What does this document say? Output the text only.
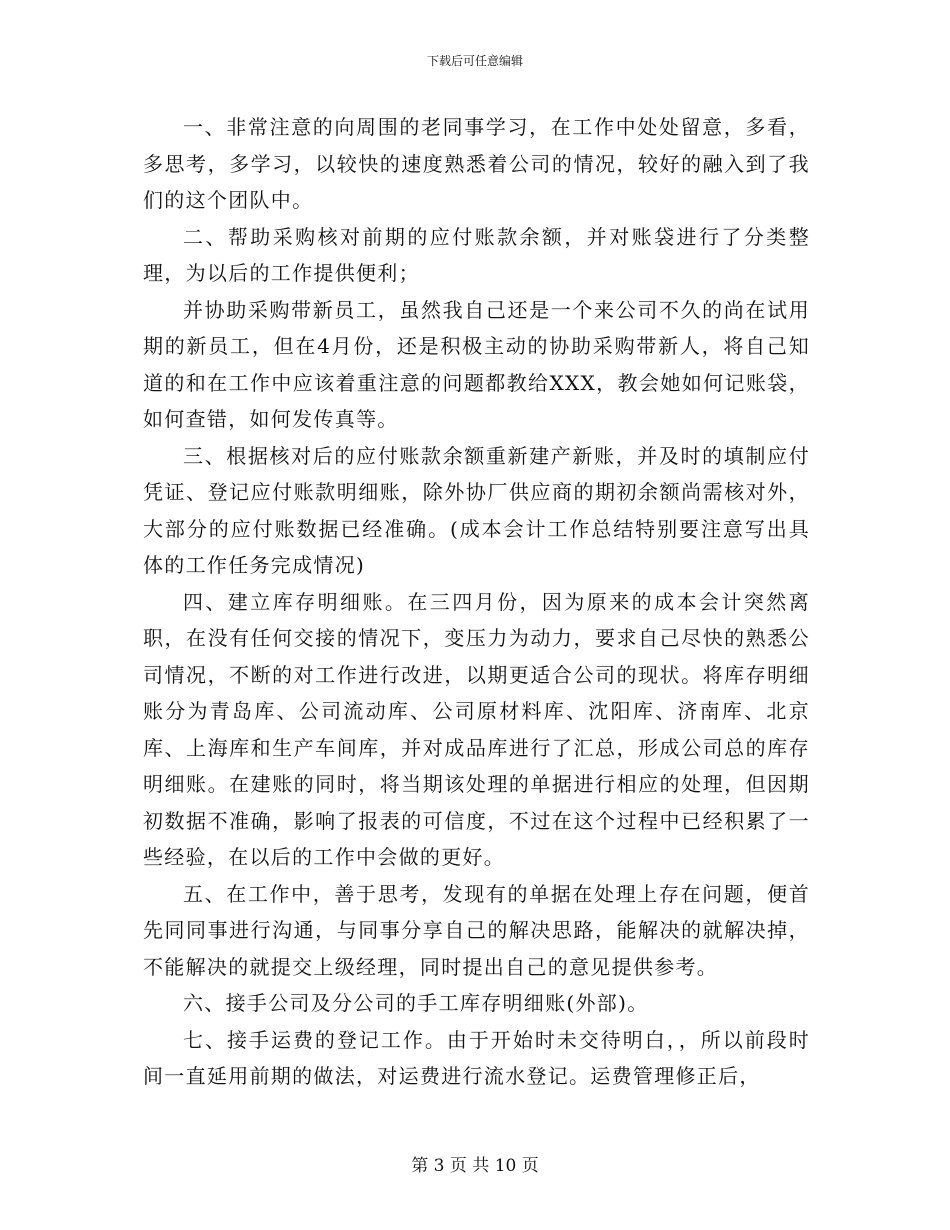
下载后可任意编辑

一、非常注意的向周围的老同事学习，在工作中处处留意，多看，多思考，多学习，以较快的速度熟悉着公司的情况，较好的融入到了我们的这个团队中。

二、帮助采购核对前期的应付账款余额，并对账袋进行了分类整理，为以后的工作提供便利；

并协助采购带新员工，虽然我自己还是一个来公司不久的尚在试用期的新员工，但在4月份，还是积极主动的协助采购带新人，将自己知道的和在工作中应该着重注意的问题都教给XXX，教会她如何记账袋，如何查错，如何发传真等。

三、根据核对后的应付账款余额重新建产新账，并及时的填制应付凭证、登记应付账款明细账，除外协厂供应商的期初余额尚需核对外，大部分的应付账数据已经准确。(成本会计工作总结特别要注意写出具体的工作任务完成情况)

四、建立库存明细账。在三四月份，因为原来的成本会计突然离职，在没有任何交接的情况下，变压力为动力，要求自己尽快的熟悉公司情况，不断的对工作进行改进，以期更适合公司的现状。将库存明细账分为青岛库、公司流动库、公司原材料库、沈阳库、济南库、北京库、上海库和生产车间库，并对成品库进行了汇总，形成公司总的库存明细账。在建账的同时，将当期该处理的单据进行相应的处理，但因期初数据不准确，影响了报表的可信度，不过在这个过程中已经积累了一些经验，在以后的工作中会做的更好。

五、在工作中，善于思考，发现有的单据在处理上存在问题，便首先同同事进行沟通，与同事分享自己的解决思路，能解决的就解决掉，不能解决的就提交上级经理，同时提出自己的意见提供参考。

六、接手公司及分公司的手工库存明细账(外部)。

七、接手运费的登记工作。由于开始时未交待明白，，所以前段时间一直延用前期的做法，对运费进行流水登记。运费管理修正后，

第 3 页 共 10 页
